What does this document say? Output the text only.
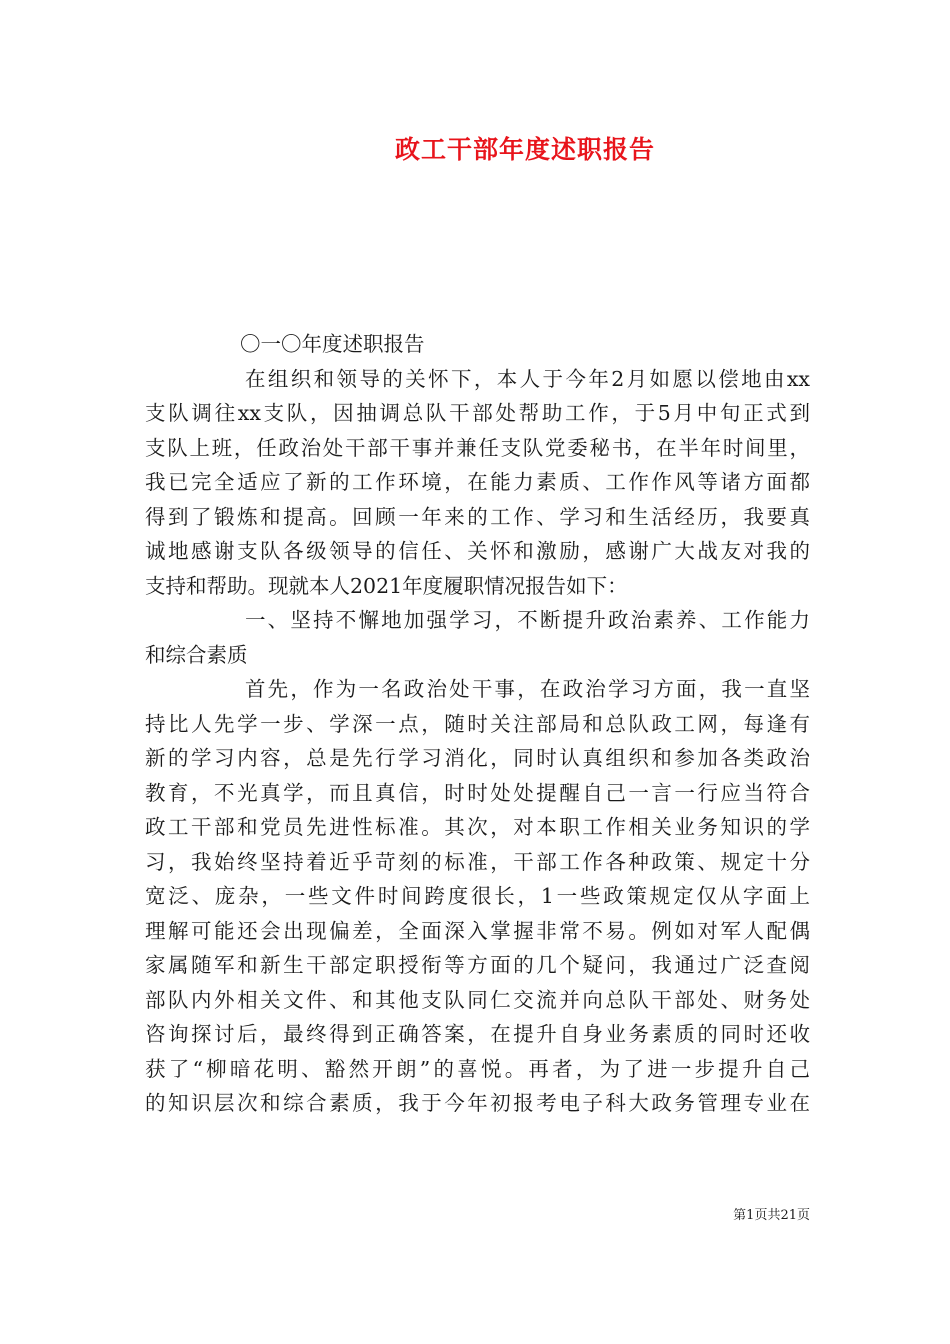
政工干部年度述职报告
〇一〇年度述职报告
在组织和领导的关怀下，本人于今年2月如愿以偿地由xx
支队调往xx支队，因抽调总队干部处帮助工作，于5月中旬正式到
支队上班，任政治处干部干事并兼任支队党委秘书，在半年时间里，
我已完全适应了新的工作环境，在能力素质、工作作风等诸方面都
得到了锻炼和提高。回顾一年来的工作、学习和生活经历，我要真
诚地感谢支队各级领导的信任、关怀和激励，感谢广大战友对我的
支持和帮助。现就本人2021年度履职情况报告如下：
一、坚持不懈地加强学习，不断提升政治素养、工作能力
和综合素质
首先，作为一名政治处干事，在政治学习方面，我一直坚
持比人先学一步、学深一点，随时关注部局和总队政工网，每逢有
新的学习内容，总是先行学习消化，同时认真组织和参加各类政治
教育，不光真学，而且真信，时时处处提醒自己一言一行应当符合
政工干部和党员先进性标准。其次，对本职工作相关业务知识的学
习，我始终坚持着近乎苛刻的标准，干部工作各种政策、规定十分
宽泛、庞杂，一些文件时间跨度很长，1一些政策规定仅从字面上
理解可能还会出现偏差，全面深入掌握非常不易。例如对军人配偶
家属随军和新生干部定职授衔等方面的几个疑问，我通过广泛查阅
部队内外相关文件、和其他支队同仁交流并向总队干部处、财务处
咨询探讨后，最终得到正确答案，在提升自身业务素质的同时还收
获了“柳暗花明、豁然开朗”的喜悦。再者，为了进一步提升自己
的知识层次和综合素质，我于今年初报考电子科大政务管理专业在
第1页共21页
